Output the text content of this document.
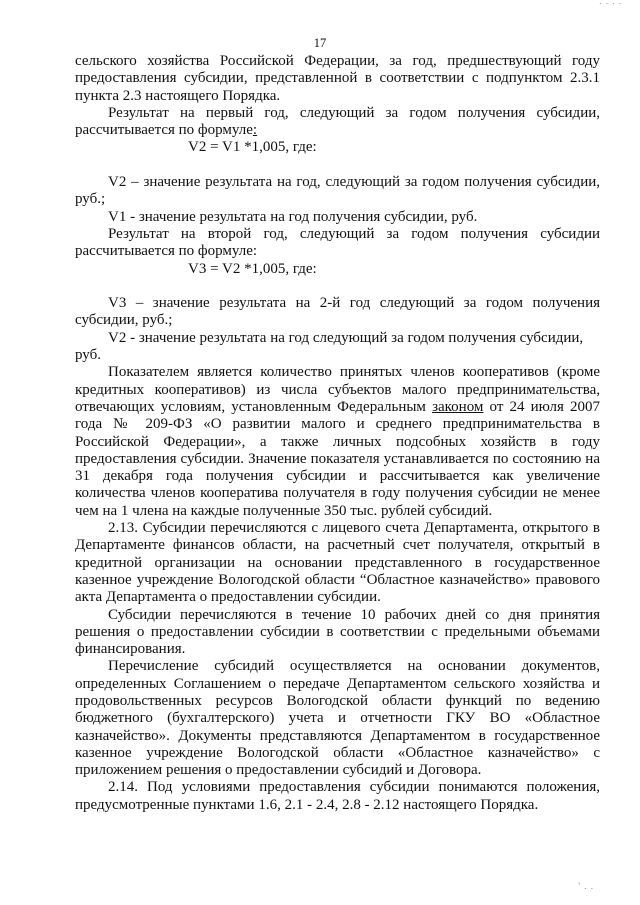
. . . .
17

сельского хозяйства Российской Федерации, за год, предшествующий году предоставления субсидии, представленной в соответствии с подпунктом 2.3.1 пункта 2.3 настоящего Порядка.

Результат на первый год, следующий за годом получения субсидии, рассчитывается по формуле:

V2 = V1 *1,005, где:

V2 – значение результата на год, следующий за годом получения субсидии, руб.;

V1 - значение результата на год получения субсидии, руб.

Результат на второй год, следующий за годом получения субсидии рассчитывается по формуле:

V3 = V2 *1,005, где:

V3 – значение результата на 2-й год следующий за годом получения субсидии, руб.;

V2 - значение результата на год следующий за годом получения субсидии,

руб.

Показателем является количество принятых членов кооперативов (кроме кредитных кооперативов) из числа субъектов малого предпринимательства, отвечающих условиям, установленным Федеральным законом от 24 июля 2007 года № 209-ФЗ «О развитии малого и среднего предпринимательства в Российской Федерации», а также личных подсобных хозяйств в году предоставления субсидии. Значение показателя устанавливается по состоянию на 31 декабря года получения субсидии и рассчитывается как увеличение количества членов кооператива получателя в году получения субсидии не менее чем на 1 члена на каждые полученные 350 тыс. рублей субсидий.

2.13. Субсидии перечисляются с лицевого счета Департамента, открытого в Департаменте финансов области, на расчетный счет получателя, открытый в кредитной организации на основании представленного в государственное казенное учреждение Вологодской области “Областное казначейство» правового акта Департамента о предоставлении субсидии.

Субсидии перечисляются в течение 10 рабочих дней со дня принятия решения о предоставлении субсидии в соответствии с предельными объемами финансирования.

Перечисление субсидий осуществляется на основании документов, определенных Соглашением о передаче Департаментом сельского хозяйства и продовольственных ресурсов Вологодской области функций по ведению бюджетного (бухгалтерского) учета и отчетности ГКУ ВО «Областное казначейство». Документы представляются Департаментом в государственное казенное учреждение Вологодской области «Областное казначейство» с приложением решения о предоставлении субсидий и Договора.

2.14. Под условиями предоставления субсидии понимаются положения, предусмотренные пунктами 1.6, 2.1 - 2.4, 2.8 - 2.12 настоящего Порядка.

' . .
